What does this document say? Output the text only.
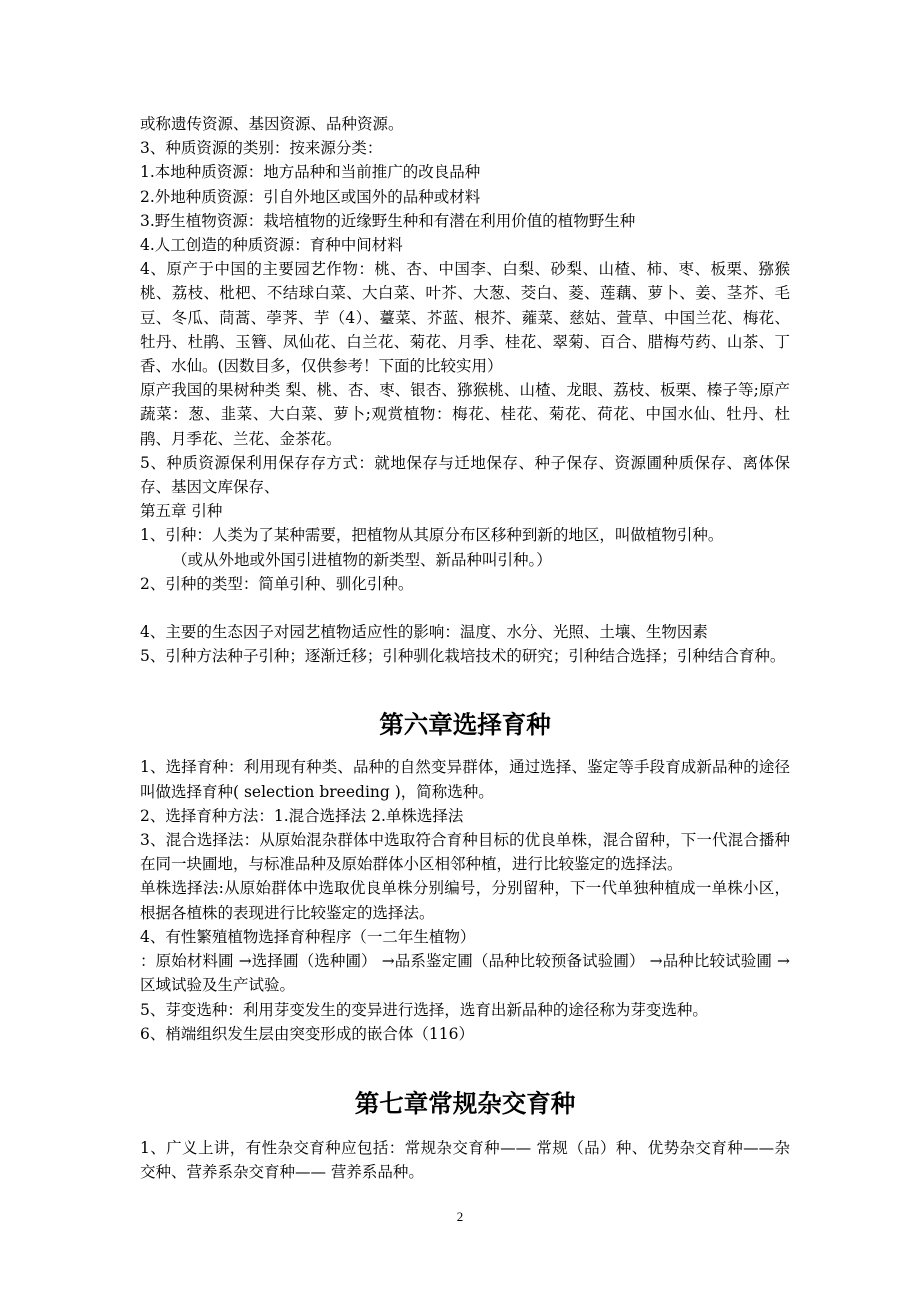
或称遗传资源、基因资源、品种资源。

3、种质资源的类别：按来源分类：

1.本地种质资源：地方品种和当前推广的改良品种

2.外地种质资源：引自外地区或国外的品种或材料

3.野生植物资源：栽培植物的近缘野生种和有潜在利用价值的植物野生种

4.人工创造的种质资源：育种中间材料

4、原产于中国的主要园艺作物：桃、杏、中国李、白梨、砂梨、山楂、柿、枣、板栗、猕猴桃、荔枝、枇杷、不结球白菜、大白菜、叶芥、大葱、茭白、菱、莲藕、萝卜、姜、茎芥、毛豆、冬瓜、茼蒿、荸荠、芋（4）、薹菜、芥蓝、根芥、蕹菜、慈姑、萱草、中国兰花、梅花、牡丹、杜鹃、玉簪、凤仙花、白兰花、菊花、月季、桂花、翠菊、百合、腊梅芍药、山茶、丁香、水仙。(因数目多，仅供参考！下面的比较实用）

原产我国的果树种类 梨、桃、杏、枣、银杏、猕猴桃、山楂、龙眼、荔枝、板栗、榛子等;原产蔬菜：葱、韭菜、大白菜、萝卜;观赏植物：梅花、桂花、菊花、荷花、中国水仙、牡丹、杜鹃、月季花、兰花、金茶花。

5、种质资源保利用保存存方式：就地保存与迁地保存、种子保存、资源圃种质保存、离体保存、基因文库保存、

第五章 引种

1、引种：人类为了某种需要，把植物从其原分布区移种到新的地区，叫做植物引种。

（或从外地或外国引进植物的新类型、新品种叫引种。）

2、引种的类型：简单引种、驯化引种。

4、主要的生态因子对园艺植物适应性的影响：温度、水分、光照、土壤、生物因素

5、引种方法种子引种；逐渐迁移；引种驯化栽培技术的研究；引种结合选择；引种结合育种。

第六章选择育种

1、选择育种：利用现有种类、品种的自然变异群体，通过选择、鉴定等手段育成新品种的途径叫做选择育种( selection breeding )，简称选种。

2、选择育种方法：1.混合选择法 2.单株选择法

3、混合选择法：从原始混杂群体中选取符合育种目标的优良单株，混合留种，下一代混合播种在同一块圃地，与标准品种及原始群体小区相邻种植，进行比较鉴定的选择法。

单株选择法:从原始群体中选取优良单株分别编号，分别留种，下一代单独种植成一单株小区，根据各植株的表现进行比较鉴定的选择法。

4、有性繁殖植物选择育种程序（一二年生植物）

：原始材料圃 →选择圃（选种圃） →品系鉴定圃（品种比较预备试验圃） →品种比较试验圃 →区域试验及生产试验。

5、芽变选种：利用芽变发生的变异进行选择，选育出新品种的途径称为芽变选种。

6、梢端组织发生层由突变形成的嵌合体（116）

第七章常规杂交育种

1、广义上讲，有性杂交育种应包括：常规杂交育种—— 常规（品）种、优势杂交育种——杂交种、营养系杂交育种—— 营养系品种。

2
